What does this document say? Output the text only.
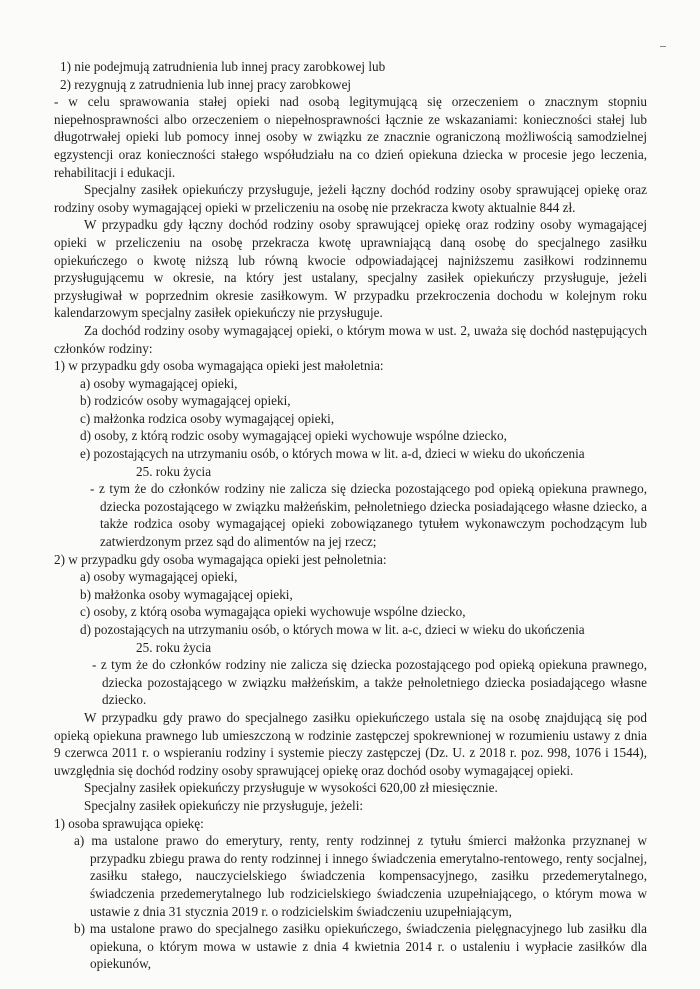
1) nie podejmują zatrudnienia lub innej pracy zarobkowej lub

2) rezygnują z zatrudnienia lub innej pracy zarobkowej

- w celu sprawowania stałej opieki nad osobą legitymującą się orzeczeniem o znacznym stopniu niepełnosprawności albo orzeczeniem o niepełnosprawności łącznie ze wskazaniami: konieczności stałej lub długotrwałej opieki lub pomocy innej osoby w związku ze znacznie ograniczoną możliwością samodzielnej egzystencji oraz konieczności stałego współudziału na co dzień opiekuna dziecka w procesie jego leczenia, rehabilitacji i edukacji.

Specjalny zasiłek opiekuńczy przysługuje, jeżeli łączny dochód rodziny osoby sprawującej opiekę oraz rodziny osoby wymagającej opieki w przeliczeniu na osobę nie przekracza kwoty aktualnie 844 zł.

W przypadku gdy łączny dochód rodziny osoby sprawującej opiekę oraz rodziny osoby wymagającej opieki w przeliczeniu na osobę przekracza kwotę uprawniającą daną osobę do specjalnego zasiłku opiekuńczego o kwotę niższą lub równą kwocie odpowiadającej najniższemu zasiłkowi rodzinnemu przysługującemu w okresie, na który jest ustalany, specjalny zasiłek opiekuńczy przysługuje, jeżeli przysługiwał w poprzednim okresie zasiłkowym. W przypadku przekroczenia dochodu w kolejnym roku kalendarzowym specjalny zasiłek opiekuńczy nie przysługuje.

Za dochód rodziny osoby wymagającej opieki, o którym mowa w ust. 2, uważa się dochód następujących członków rodziny:

1) w przypadku gdy osoba wymagająca opieki jest małoletnia:

a) osoby wymagającej opieki,

b) rodziców osoby wymagającej opieki,

c) małżonka rodzica osoby wymagającej opieki,

d) osoby, z którą rodzic osoby wymagającej opieki wychowuje wspólne dziecko,

e) pozostających na utrzymaniu osób, o których mowa w lit. a-d, dzieci w wieku do ukończenia

25. roku życia

- z tym że do członków rodziny nie zalicza się dziecka pozostającego pod opieką opiekuna prawnego, dziecka pozostającego w związku małżeńskim, pełnoletniego dziecka posiadającego własne dziecko, a także rodzica osoby wymagającej opieki zobowiązanego tytułem wykonawczym pochodzącym lub zatwierdzonym przez sąd do alimentów na jej rzecz;

2) w przypadku gdy osoba wymagająca opieki jest pełnoletnia:

a) osoby wymagającej opieki,

b) małżonka osoby wymagającej opieki,

c) osoby, z którą osoba wymagająca opieki wychowuje wspólne dziecko,

d) pozostających na utrzymaniu osób, o których mowa w lit. a-c, dzieci w wieku do ukończenia

25. roku życia

- z tym że do członków rodziny nie zalicza się dziecka pozostającego pod opieką opiekuna prawnego, dziecka pozostającego w związku małżeńskim, a także pełnoletniego dziecka posiadającego własne dziecko.

W przypadku gdy prawo do specjalnego zasiłku opiekuńczego ustala się na osobę znajdującą się pod opieką opiekuna prawnego lub umieszczoną w rodzinie zastępczej spokrewnionej w rozumieniu ustawy z dnia 9 czerwca 2011 r. o wspieraniu rodziny i systemie pieczy zastępczej (Dz. U. z 2018 r. poz. 998, 1076 i 1544), uwzględnia się dochód rodziny osoby sprawującej opiekę oraz dochód osoby wymagającej opieki.

Specjalny zasiłek opiekuńczy przysługuje w wysokości 620,00 zł miesięcznie.

Specjalny zasiłek opiekuńczy nie przysługuje, jeżeli:

1) osoba sprawująca opiekę:

a) ma ustalone prawo do emerytury, renty, renty rodzinnej z tytułu śmierci małżonka przyznanej w przypadku zbiegu prawa do renty rodzinnej i innego świadczenia emerytalno-rentowego, renty socjalnej, zasiłku stałego, nauczycielskiego świadczenia kompensacyjnego, zasiłku przedemerytalnego, świadczenia przedemerytalnego lub rodzicielskiego świadczenia uzupełniającego, o którym mowa w ustawie z dnia 31 stycznia 2019 r. o rodzicielskim świadczeniu uzupełniającym,

b) ma ustalone prawo do specjalnego zasiłku opiekuńczego, świadczenia pielęgnacyjnego lub zasiłku dla opiekuna, o którym mowa w ustawie z dnia 4 kwietnia 2014 r. o ustaleniu i wypłacie zasiłków dla opiekunów,
